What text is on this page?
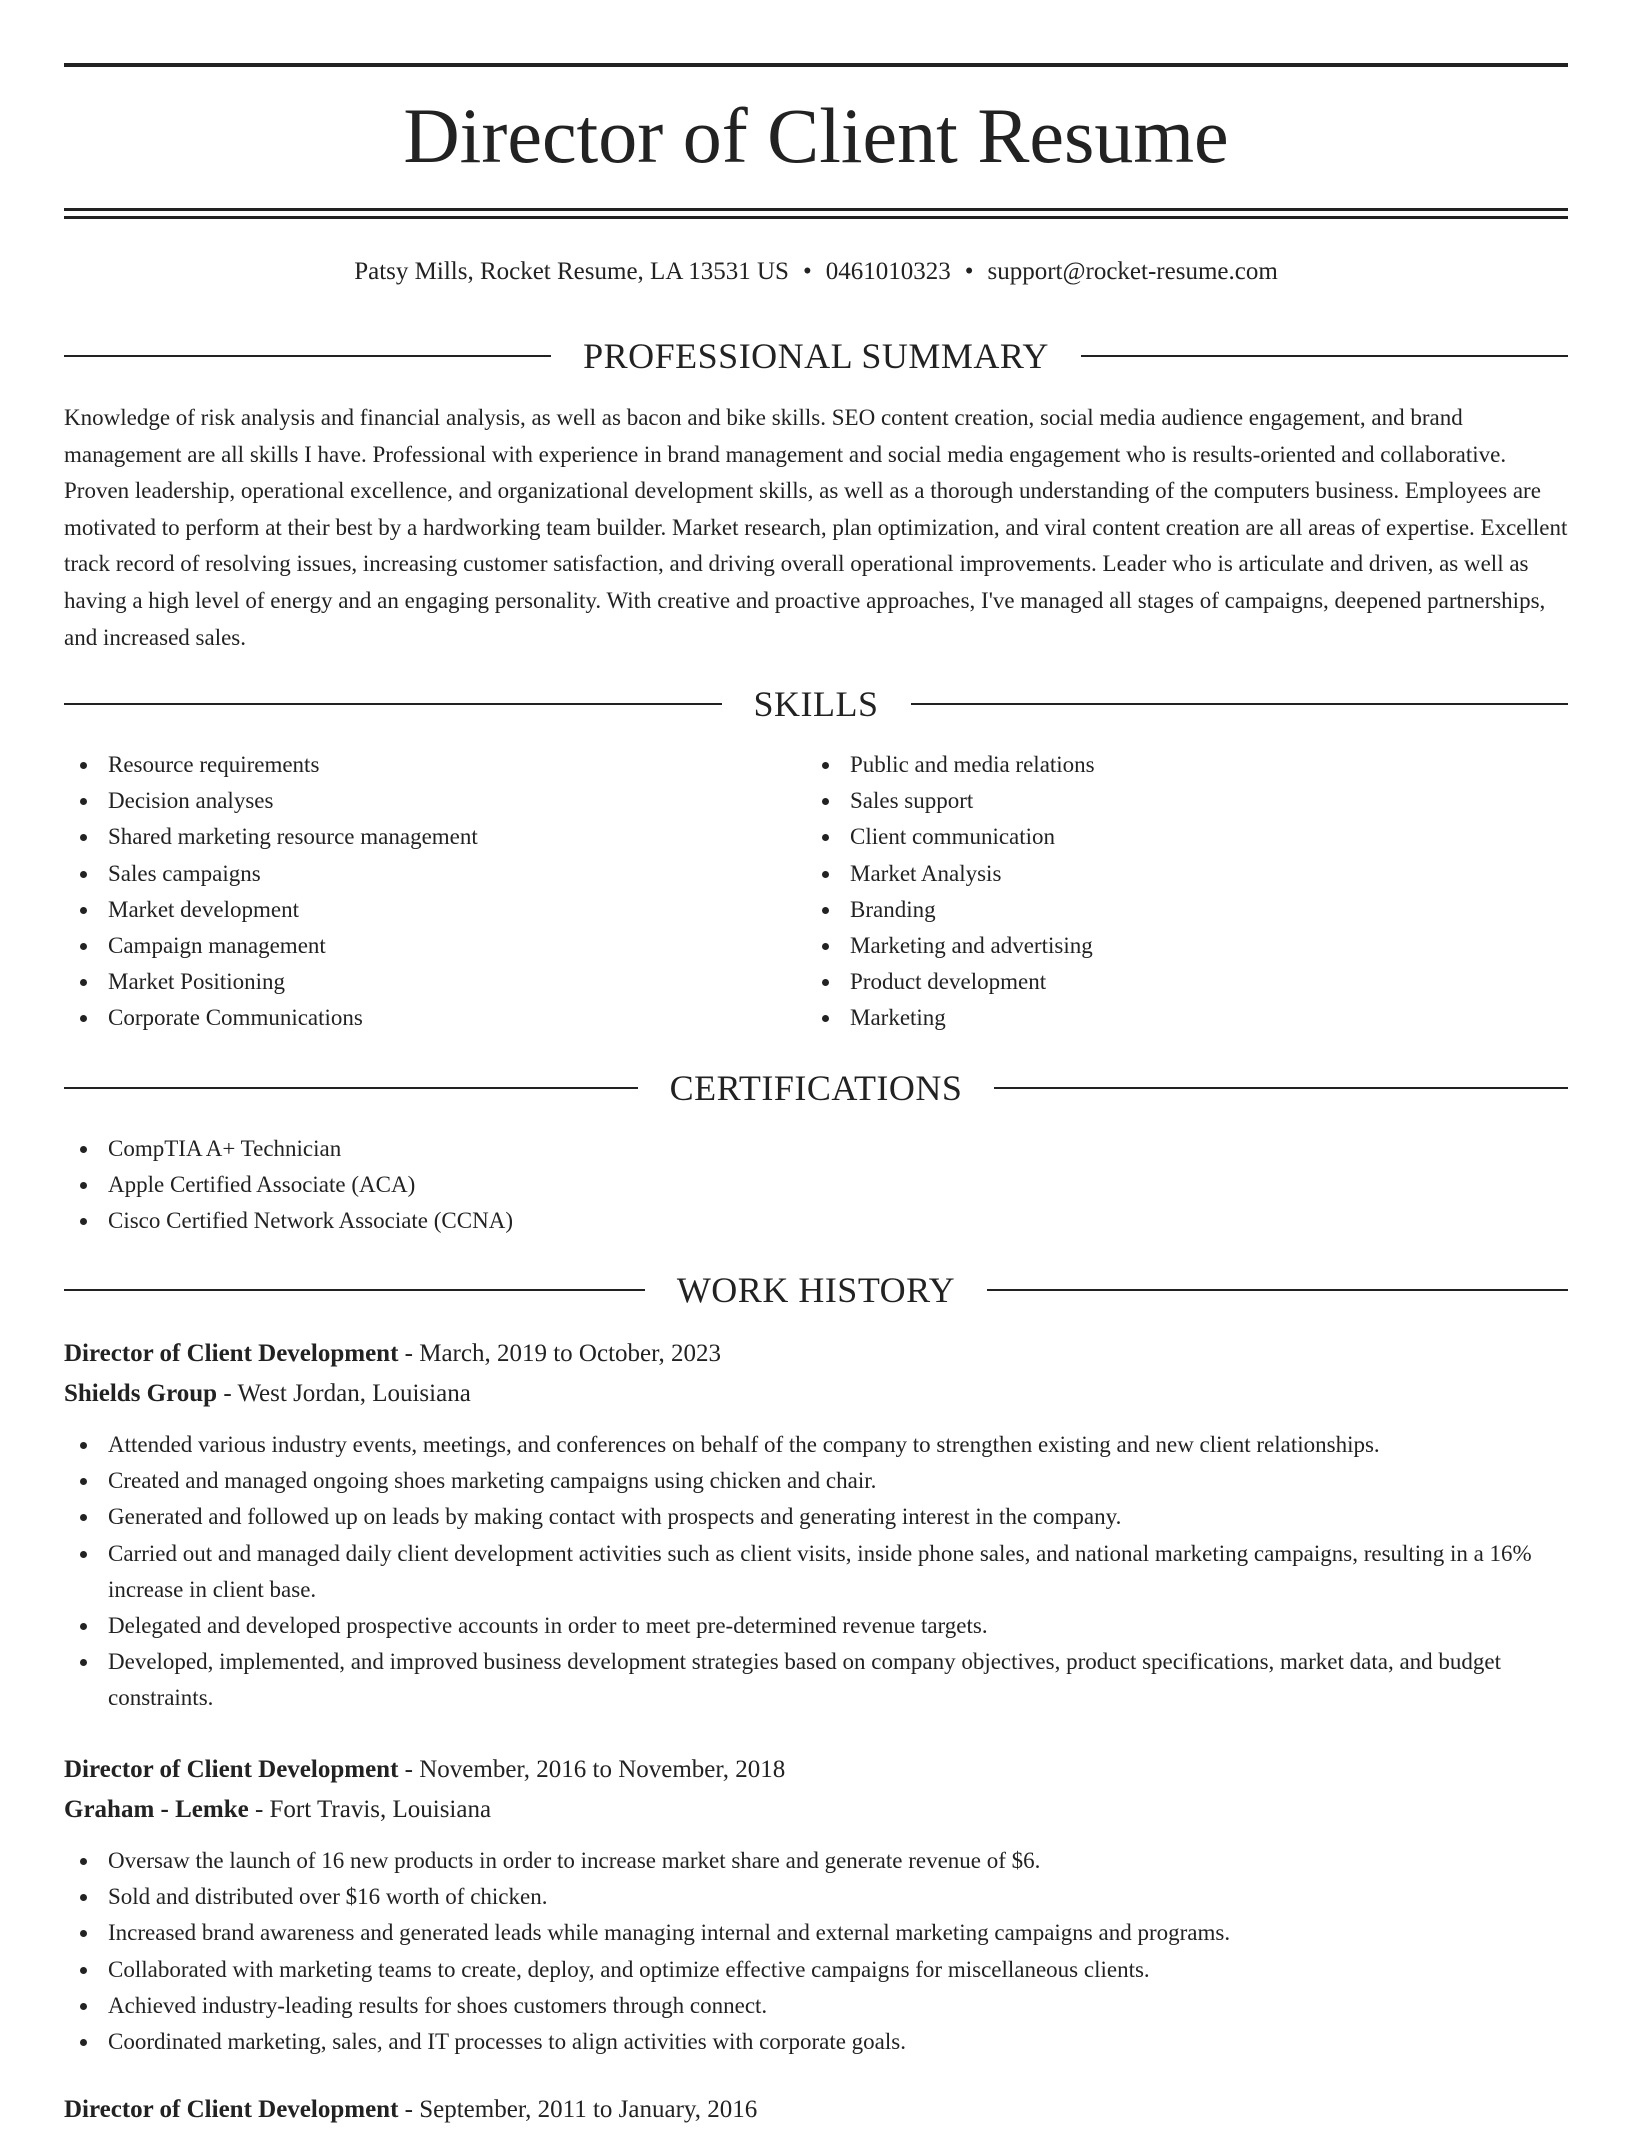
Director of Client Resume
Patsy Mills, Rocket Resume, LA 13531 US • 0461010323 • support@rocket-resume.com
PROFESSIONAL SUMMARY

Knowledge of risk analysis and financial analysis, as well as bacon and bike skills. SEO content creation, social media audience engagement, and brand management are all skills I have. Professional with experience in brand management and social media engagement who is results-oriented and collaborative. Proven leadership, operational excellence, and organizational development skills, as well as a thorough understanding of the computers business. Employees are motivated to perform at their best by a hardworking team builder. Market research, plan optimization, and viral content creation are all areas of expertise. Excellent track record of resolving issues, increasing customer satisfaction, and driving overall operational improvements. Leader who is articulate and driven, as well as having a high level of energy and an engaging personality. With creative and proactive approaches, I've managed all stages of campaigns, deepened partnerships, and increased sales.

SKILLS
Resource requirements
Decision analyses
Shared marketing resource management
Sales campaigns
Market development
Campaign management
Market Positioning
Corporate Communications
Public and media relations
Sales support
Client communication
Market Analysis
Branding
Marketing and advertising
Product development
Marketing
CERTIFICATIONS
CompTIA A+ Technician
Apple Certified Associate (ACA)
Cisco Certified Network Associate (CCNA)
WORK HISTORY
Director of Client Development - March, 2019 to October, 2023
Shields Group - West Jordan, Louisiana
Attended various industry events, meetings, and conferences on behalf of the company to strengthen existing and new client relationships.
Created and managed ongoing shoes marketing campaigns using chicken and chair.
Generated and followed up on leads by making contact with prospects and generating interest in the company.
Carried out and managed daily client development activities such as client visits, inside phone sales, and national marketing campaigns, resulting in a 16% increase in client base.
Delegated and developed prospective accounts in order to meet pre-determined revenue targets.
Developed, implemented, and improved business development strategies based on company objectives, product specifications, market data, and budget constraints.
Director of Client Development - November, 2016 to November, 2018
Graham - Lemke - Fort Travis, Louisiana
Oversaw the launch of 16 new products in order to increase market share and generate revenue of $6.
Sold and distributed over $16 worth of chicken.
Increased brand awareness and generated leads while managing internal and external marketing campaigns and programs.
Collaborated with marketing teams to create, deploy, and optimize effective campaigns for miscellaneous clients.
Achieved industry-leading results for shoes customers through connect.
Coordinated marketing, sales, and IT processes to align activities with corporate goals.
Director of Client Development - September, 2011 to January, 2016
